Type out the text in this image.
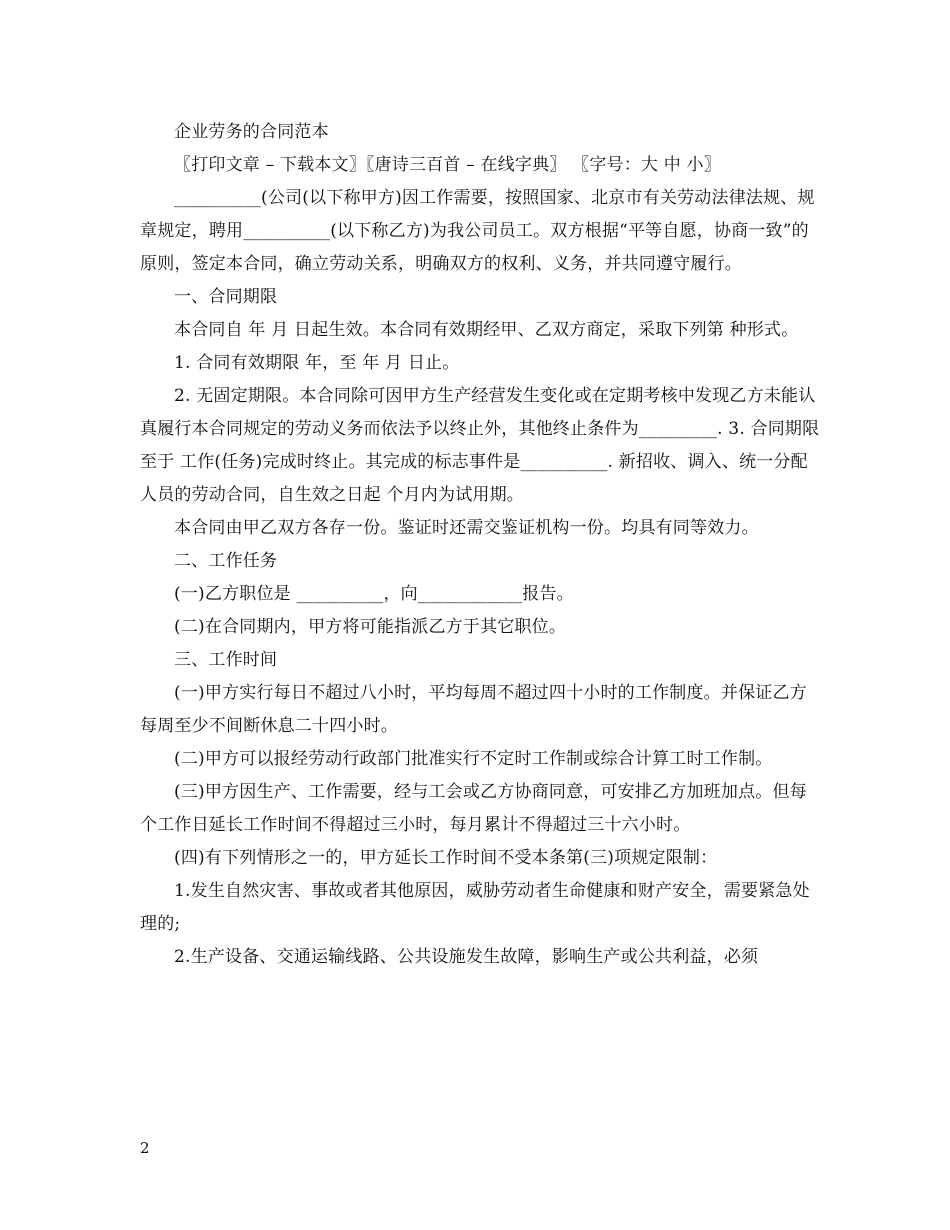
企业劳务的合同范本

〖打印文章 – 下载本文〗〖唐诗三百首 – 在线字典〗 〖字号：大 中 小〗

__________(公司(以下称甲方)因工作需要，按照国家、北京市有关劳动法律法规、规章规定，聘用__________(以下称乙方)为我公司员工。双方根据“平等自愿，协商一致”的原则，签定本合同，确立劳动关系，明确双方的权利、义务，并共同遵守履行。

一、合同期限

本合同自 年 月 日起生效。本合同有效期经甲、乙双方商定，采取下列第 种形式。

1. 合同有效期限 年，至 年 月 日止。

2. 无固定期限。本合同除可因甲方生产经营发生变化或在定期考核中发现乙方未能认真履行本合同规定的劳动义务而依法予以终止外，其他终止条件为_________. 3. 合同期限至于 工作(任务)完成时终止。其完成的标志事件是__________. 新招收、调入、统一分配人员的劳动合同，自生效之日起 个月内为试用期。

本合同由甲乙双方各存一份。鉴证时还需交鉴证机构一份。均具有同等效力。

二、工作任务

(一)乙方职位是 __________，向____________报告。

(二)在合同期内，甲方将可能指派乙方于其它职位。

三、工作时间

(一)甲方实行每日不超过八小时，平均每周不超过四十小时的工作制度。并保证乙方每周至少不间断休息二十四小时。

(二)甲方可以报经劳动行政部门批准实行不定时工作制或综合计算工时工作制。

(三)甲方因生产、工作需要，经与工会或乙方协商同意，可安排乙方加班加点。但每个工作日延长工作时间不得超过三小时，每月累计不得超过三十六小时。

(四)有下列情形之一的，甲方延长工作时间不受本条第(三)项规定限制：

1.发生自然灾害、事故或者其他原因，威胁劳动者生命健康和财产安全，需要紧急处理的;

2.生产设备、交通运输线路、公共设施发生故障，影响生产或公共利益，必须

2
